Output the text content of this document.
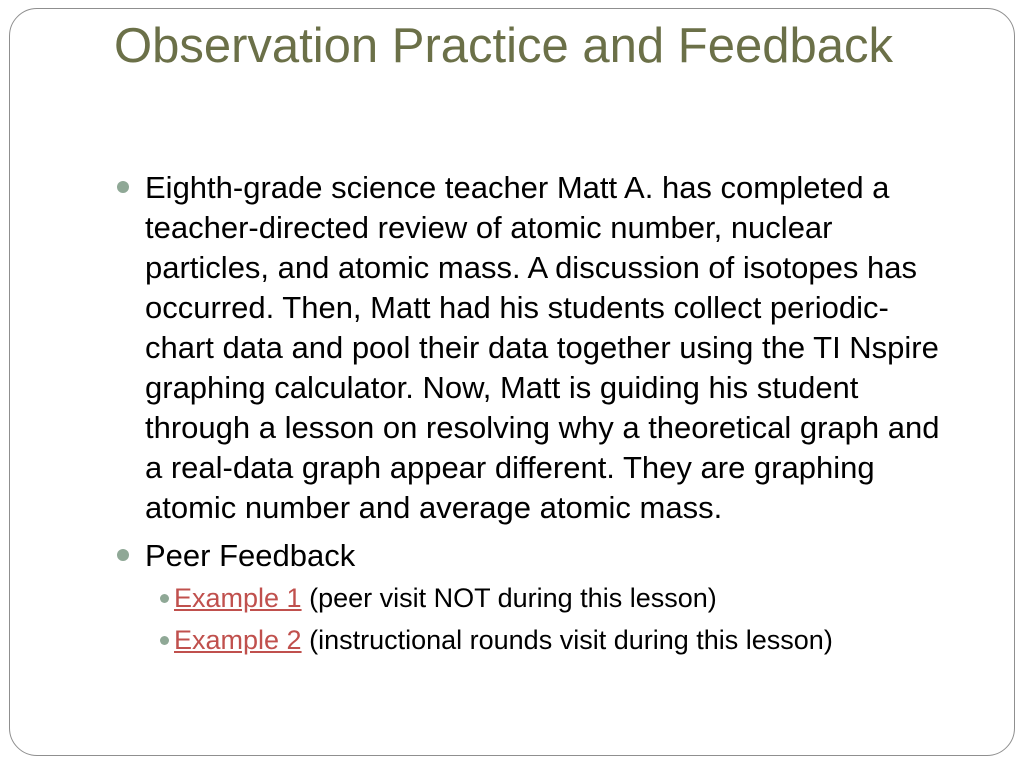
Observation Practice and Feedback
Eighth-grade science teacher Matt A. has completed a teacher-directed review of atomic number, nuclear particles, and atomic mass. A discussion of isotopes has occurred. Then, Matt had his students collect periodic-chart data and pool their data together using the TI Nspire graphing calculator. Now, Matt is guiding his student through a lesson on resolving why a theoretical graph and a real-data graph appear different. They are graphing atomic number and average atomic mass.
Peer Feedback
Example 1 (peer visit NOT during this lesson)
Example 2 (instructional rounds visit during this lesson)
